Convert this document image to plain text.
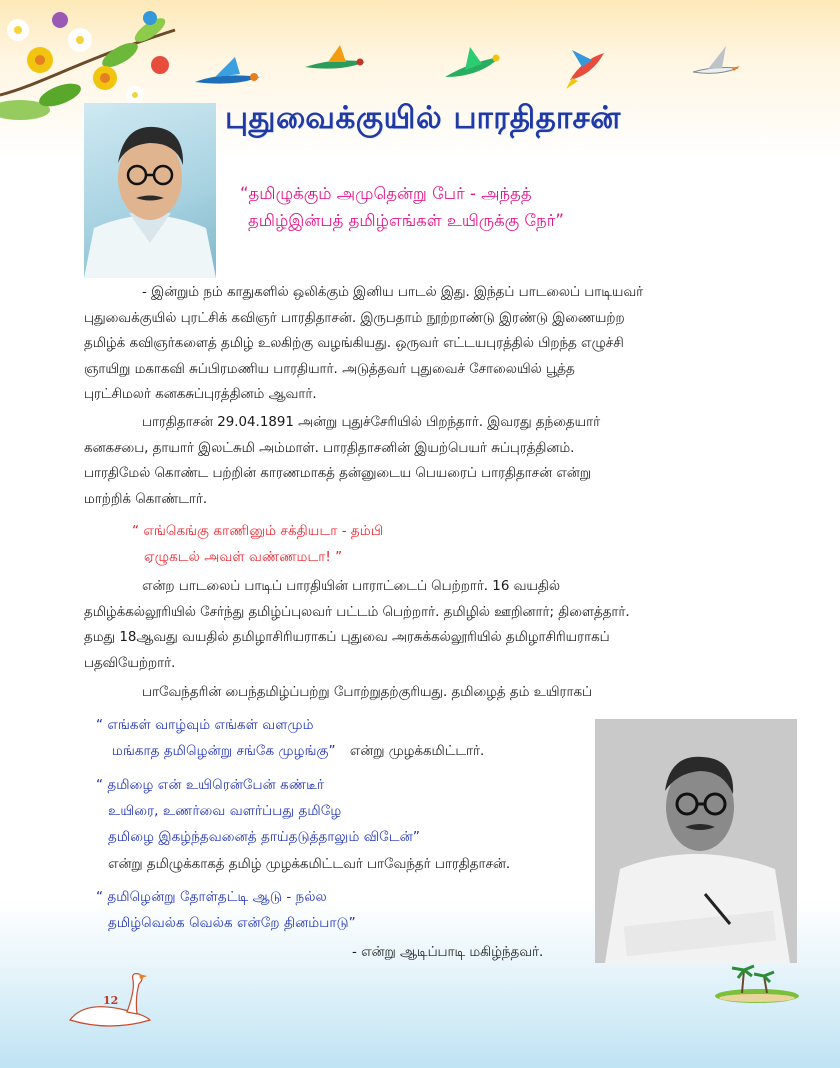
புதுவைக்குயில் பாரதிதாசன்
“தமிழுக்கும் அமுதென்று பேர் - அந்தத்
தமிழ்இன்பத் தமிழ்எங்கள் உயிருக்கு நேர்”
- இன்றும் நம் காதுகளில் ஒலிக்கும் இனிய பாடல் இது. இந்தப் பாடலைப் பாடியவர்
புதுவைக்குயில் புரட்சிக் கவிஞர் பாரதிதாசன். இருபதாம் நூற்றாண்டு இரண்டு இணையற்ற
தமிழ்க் கவிஞர்களைத் தமிழ் உலகிற்கு வழங்கியது. ஒருவர் எட்டயபுரத்தில் பிறந்த எழுச்சி
ஞாயிறு மகாகவி சுப்பிரமணிய பாரதியார். அடுத்தவர் புதுவைச் சோலையில் பூத்த
புரட்சிமலர் கனகசுப்புரத்தினம் ஆவார்.
பாரதிதாசன் 29.04.1891 அன்று புதுச்சேரியில் பிறந்தார். இவரது தந்தையார்
கனகசபை, தாயார் இலட்சுமி அம்மாள். பாரதிதாசனின் இயற்பெயர் சுப்புரத்தினம்.
பாரதிமேல் கொண்ட பற்றின் காரணமாகத் தன்னுடைய பெயரைப் பாரதிதாசன் என்று
மாற்றிக் கொண்டார்.
“ எங்கெங்கு காணினும் சக்தியடா - தம்பி
ஏழுகடல் அவள் வண்ணமடா! ”
என்ற பாடலைப் பாடிப் பாரதியின் பாராட்டைப் பெற்றார். 16 வயதில்
தமிழ்க்கல்லூரியில் சேர்ந்து தமிழ்ப்புலவர் பட்டம் பெற்றார். தமிழில் ஊறினார்; திளைத்தார்.
தமது 18ஆவது வயதில் தமிழாசிரியராகப் புதுவை அரசுக்கல்லூரியில் தமிழாசிரியராகப்
பதவியேற்றார்.
பாவேந்தரின் பைந்தமிழ்ப்பற்று போற்றுதற்குரியது. தமிழைத் தம் உயிராகப்
“ எங்கள் வாழ்வும் எங்கள் வளமும்
மங்காத தமிழென்று சங்கே முழங்கு” என்று முழக்கமிட்டார்.
“ தமிழை என் உயிரென்பேன் கண்டீர்
உயிரை, உணர்வை வளர்ப்பது தமிழே
தமிழை இகழ்ந்தவனைத் தாய்தடுத்தாலும் விடேன்”
என்று தமிழுக்காகத் தமிழ் முழக்கமிட்டவர் பாவேந்தர் பாரதிதாசன்.
“ தமிழென்று தோள்தட்டி ஆடு - நல்ல
தமிழ்வெல்க வெல்க என்றே தினம்பாடு”
- என்று ஆடிப்பாடி மகிழ்ந்தவர்.
12
